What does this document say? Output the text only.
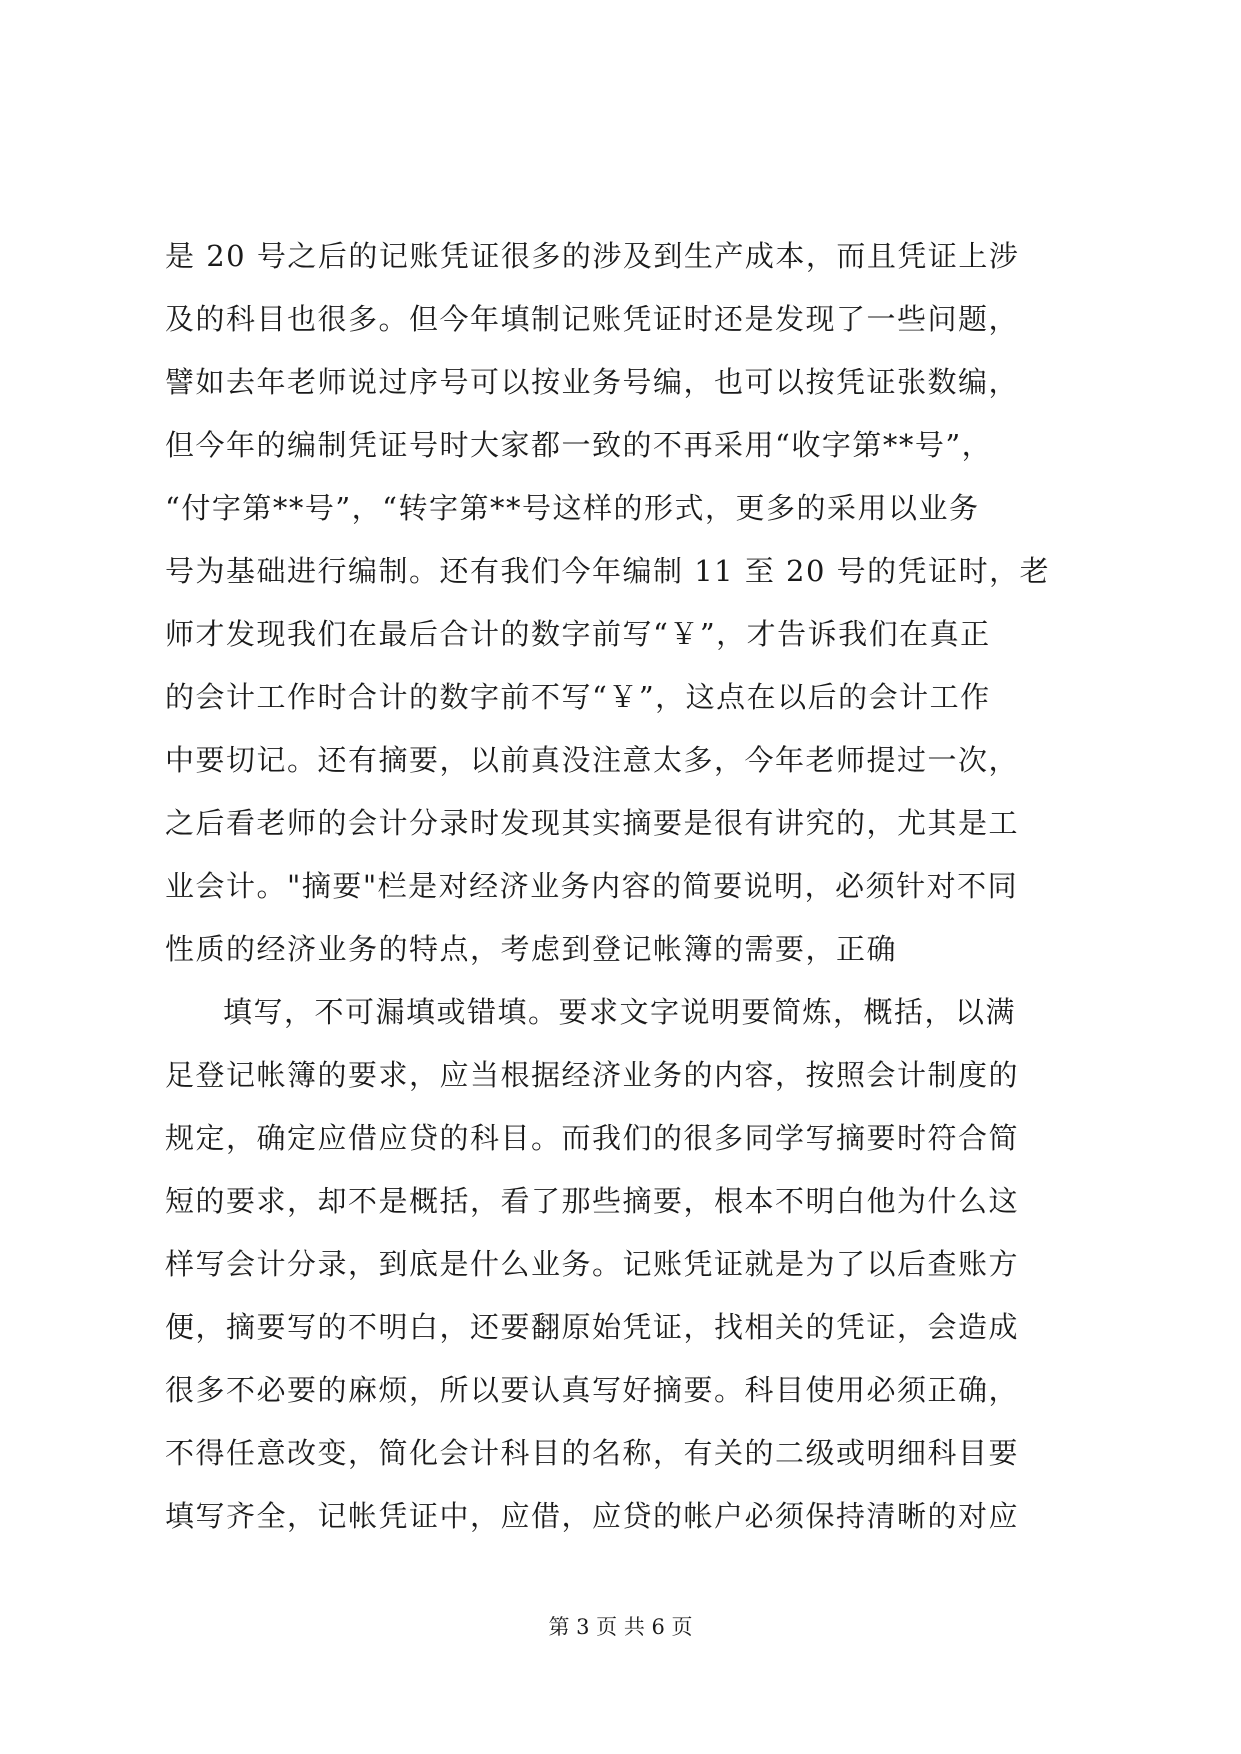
是 20 号之后的记账凭证很多的涉及到生产成本，而且凭证上涉
及的科目也很多。但今年填制记账凭证时还是发现了一些问题，
譬如去年老师说过序号可以按业务号编，也可以按凭证张数编，
但今年的编制凭证号时大家都一致的不再采用“收字第**号”，
“付字第**号”，“转字第**号这样的形式，更多的采用以业务
号为基础进行编制。还有我们今年编制 11 至 20 号的凭证时，老
师才发现我们在最后合计的数字前写“￥”，才告诉我们在真正
的会计工作时合计的数字前不写“￥”，这点在以后的会计工作
中要切记。还有摘要，以前真没注意太多，今年老师提过一次，
之后看老师的会计分录时发现其实摘要是很有讲究的，尤其是工
业会计。"摘要"栏是对经济业务内容的简要说明，必须针对不同
性质的经济业务的特点，考虑到登记帐簿的需要，正确
填写，不可漏填或错填。要求文字说明要简炼，概括，以满
足登记帐簿的要求，应当根据经济业务的内容，按照会计制度的
规定，确定应借应贷的科目。而我们的很多同学写摘要时符合简
短的要求，却不是概括，看了那些摘要，根本不明白他为什么这
样写会计分录，到底是什么业务。记账凭证就是为了以后查账方
便，摘要写的不明白，还要翻原始凭证，找相关的凭证，会造成
很多不必要的麻烦，所以要认真写好摘要。科目使用必须正确，
不得任意改变，简化会计科目的名称，有关的二级或明细科目要
填写齐全，记帐凭证中，应借，应贷的帐户必须保持清晰的对应
第 3 页 共 6 页
